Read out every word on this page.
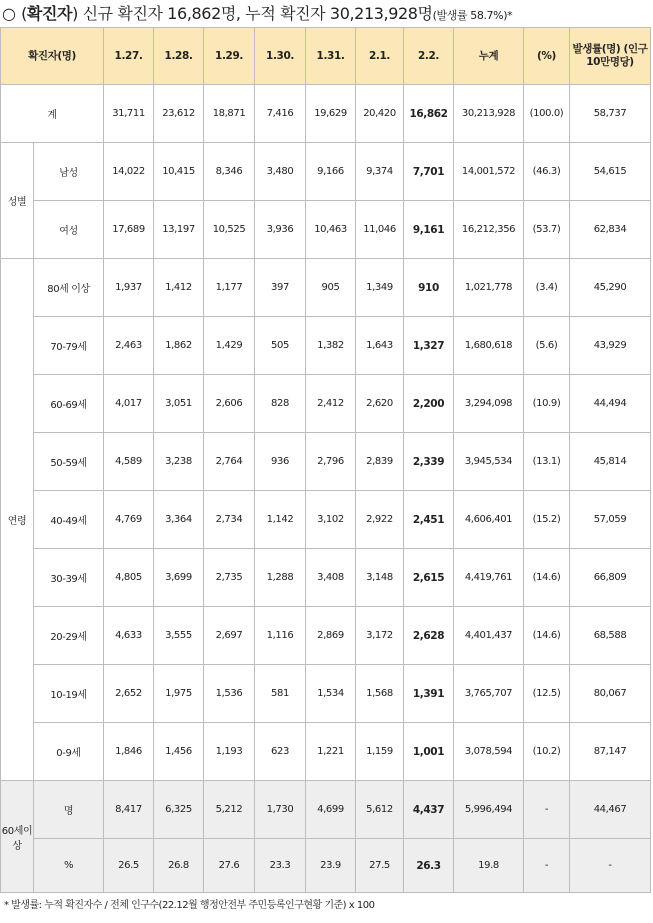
○ (확진자) 신규 확진자 16,862명, 누적 확진자 30,213,928명(발생률 58.7%)*
확진자(명)		1.27.	1.28.	1.29.	1.30.	1.31.	2.1.	2.2.	누계	(%)	발생률(명) (인구 10만명당)
계		31,711	23,612	18,871	7,416	19,629	20,420	16,862	30,213,928	(100.0)	58,737
성별	남성	14,022	10,415	8,346	3,480	9,166	9,374	7,701	14,001,572	(46.3)	54,615
	여성	17,689	13,197	10,525	3,936	10,463	11,046	9,161	16,212,356	(53.7)	62,834
연령	80세 이상	1,937	1,412	1,177	397	905	1,349	910	1,021,778	(3.4)	45,290
	70-79세	2,463	1,862	1,429	505	1,382	1,643	1,327	1,680,618	(5.6)	43,929
	60-69세	4,017	3,051	2,606	828	2,412	2,620	2,200	3,294,098	(10.9)	44,494
	50-59세	4,589	3,238	2,764	936	2,796	2,839	2,339	3,945,534	(13.1)	45,814
	40-49세	4,769	3,364	2,734	1,142	3,102	2,922	2,451	4,606,401	(15.2)	57,059
	30-39세	4,805	3,699	2,735	1,288	3,408	3,148	2,615	4,419,761	(14.6)	66,809
	20-29세	4,633	3,555	2,697	1,116	2,869	3,172	2,628	4,401,437	(14.6)	68,588
	10-19세	2,652	1,975	1,536	581	1,534	1,568	1,391	3,765,707	(12.5)	80,067
	0-9세	1,846	1,456	1,193	623	1,221	1,159	1,001	3,078,594	(10.2)	87,147
60세이상	명	8,417	6,325	5,212	1,730	4,699	5,612	4,437	5,996,494	-	44,467
	%	26.5	26.8	27.6	23.3	23.9	27.5	26.3	19.8	-	-
* 발생률: 누적 확진자수 / 전체 인구수(22.12월 행정안전부 주민등록인구현황 기준) x 100
